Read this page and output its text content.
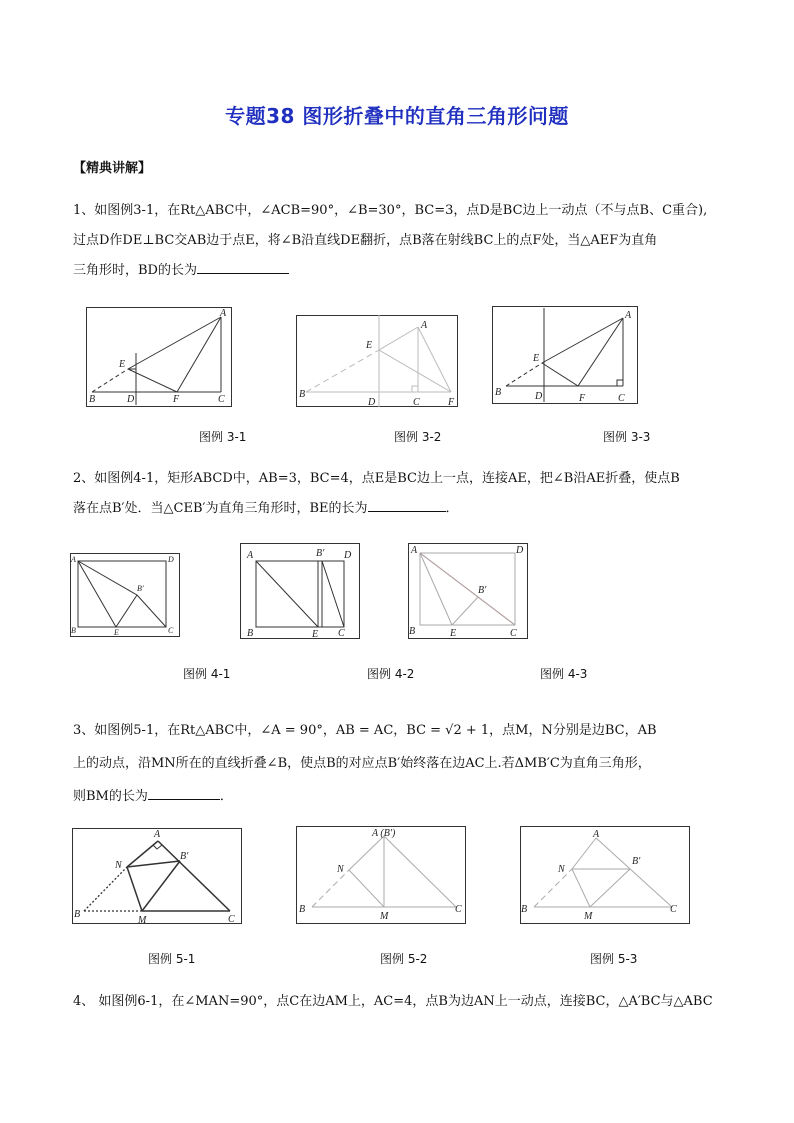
专题38 图形折叠中的直角三角形问题
【精典讲解】
1、如图例3-1，在Rt△ABC中，∠ACB=90°，∠B=30°，BC=3，点D是BC边上一动点（不与点B、C重合),
过点D作DE⊥BC交AB边于点E，将∠B沿直线DE翻折，点B落在射线BC上的点F处，当△AEF为直角
三角形时，BD的长为
A
E
B	D	F	C
A
E
B
D	C	F
A
E
B	D	F	C
图例 3-1	图例 3-2	图例 3-3
2、如图例4-1，矩形ABCD中，AB=3，BC=4，点E是BC边上一点，连接AE，把∠B沿AE折叠，使点B
落在点B′处．当△CEB′为直角三角形时，BE的长为	．
A	D
B′
B	E	C
A	B′ D
B	E C
A	D
B′
B	E	C
图例 4-1	图例 4-2	图例 4-3
3、如图例5-1，在Rt△ABC中，∠A = 90°，AB = AC，BC = √2 + 1，点M，N分别是边BC，AB
上的动点，沿MN所在的直线折叠∠B，使点B的对应点B′始终落在边AC上.若ΔMB′C为直角三角形，
则BM的长为	．
A
N
B′
B
M	C
A (B′)
N
B
M
C
A
N
B′
B
M
C
图例 5-1	图例 5-2	图例 5-3
4、 如图例6-1，在∠MAN=90°，点C在边AM上，AC=4，点B为边AN上一动点，连接BC，△A′BC与△ABC
